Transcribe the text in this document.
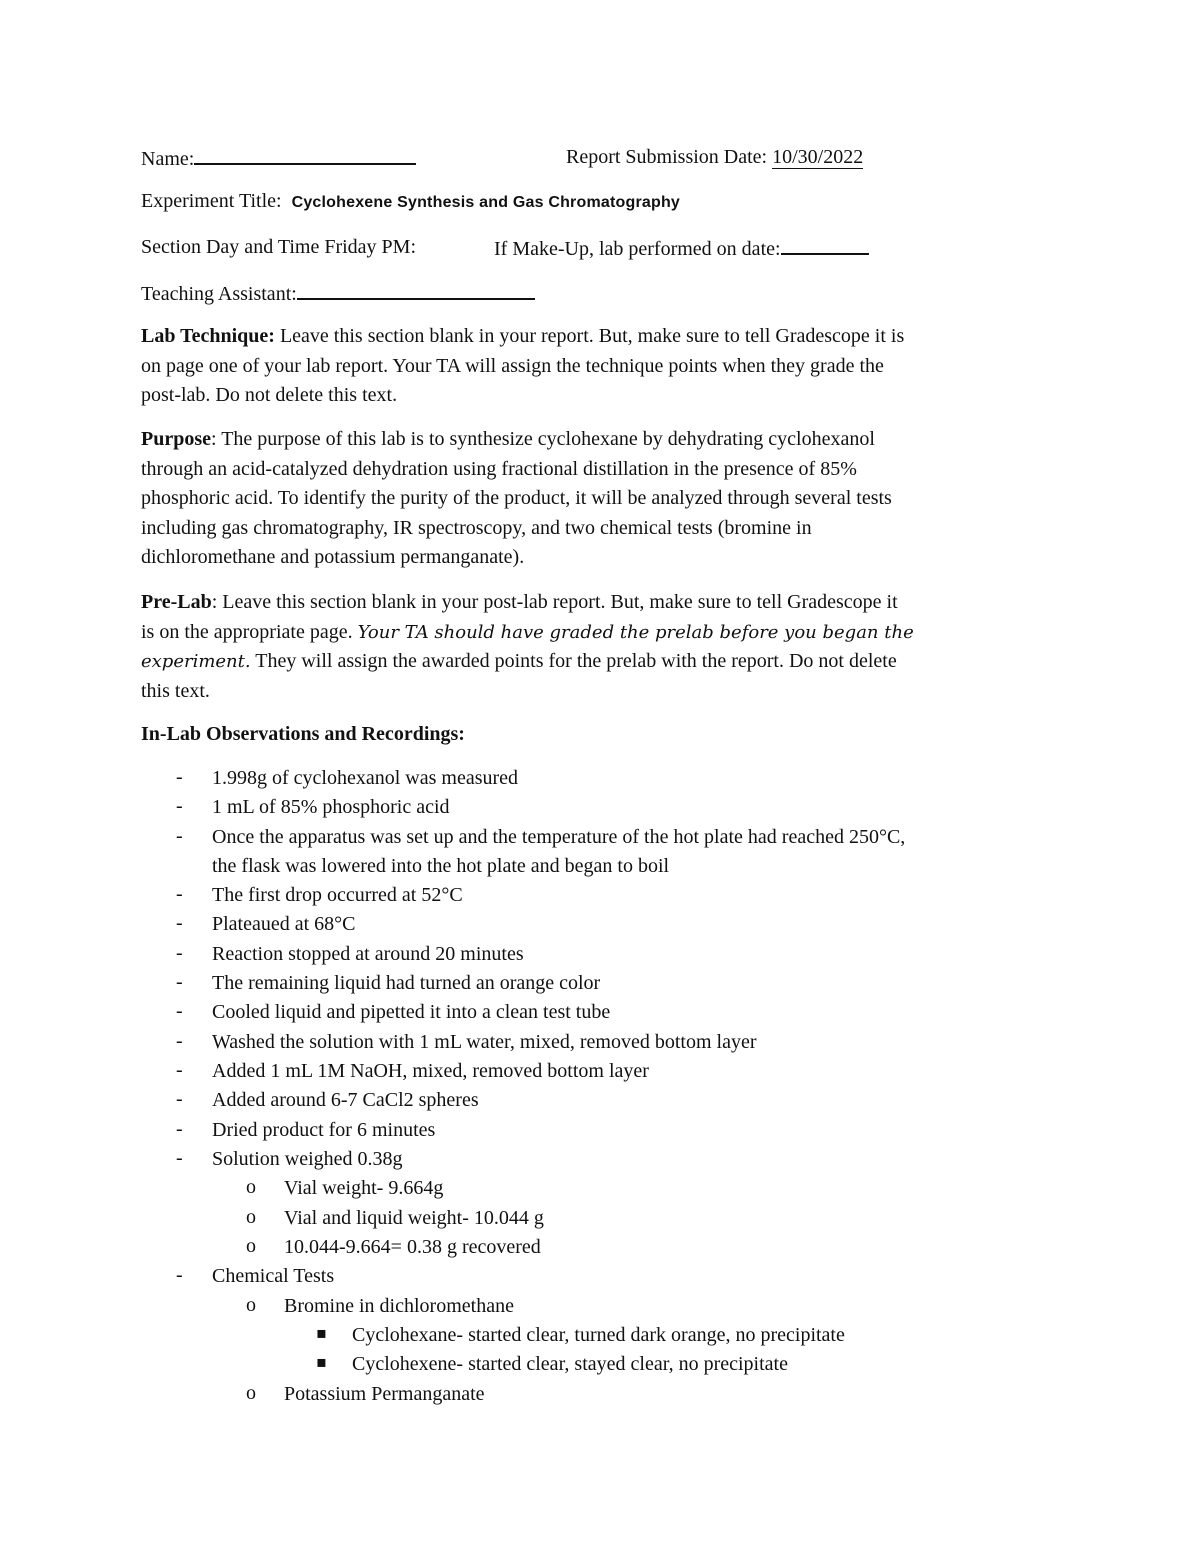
Name:	Report Submission Date: 10/30/2022
Experiment Title: Cyclohexene Synthesis and Gas Chromatography
Section Day and Time Friday PM:	If Make-Up, lab performed on date:
Teaching Assistant:

Lab Technique: Leave this section blank in your report. But, make sure to tell Gradescope it is

on page one of your lab report. Your TA will assign the technique points when they grade the

post-lab. Do not delete this text.

Purpose: The purpose of this lab is to synthesize cyclohexane by dehydrating cyclohexanol

through an acid-catalyzed dehydration using fractional distillation in the presence of 85%

phosphoric acid. To identify the purity of the product, it will be analyzed through several tests

including gas chromatography, IR spectroscopy, and two chemical tests (bromine in

dichloromethane and potassium permanganate).

Pre-Lab: Leave this section blank in your post-lab report. But, make sure to tell Gradescope it

is on the appropriate page. Your TA should have graded the prelab before you began the

experiment. They will assign the awarded points for the prelab with the report. Do not delete

this text.

In-Lab Observations and Recordings:
- 1.998g of cyclohexanol was measured
- 1 mL of 85% phosphoric acid
- Once the apparatus was set up and the temperature of the hot plate had reached 250°C,
the flask was lowered into the hot plate and began to boil
- The first drop occurred at 52°C
- Plateaued at 68°C
- Reaction stopped at around 20 minutes
- The remaining liquid had turned an orange color
- Cooled liquid and pipetted it into a clean test tube
- Washed the solution with 1 mL water, mixed, removed bottom layer
- Added 1 mL 1M NaOH, mixed, removed bottom layer
- Added around 6-7 CaCl2 spheres
- Dried product for 6 minutes
- Solution weighed 0.38g
o Vial weight- 9.664g
o Vial and liquid weight- 10.044 g
o 10.044-9.664= 0.38 g recovered
- Chemical Tests
o Bromine in dichloromethane
▪ Cyclohexane- started clear, turned dark orange, no precipitate
▪ Cyclohexene- started clear, stayed clear, no precipitate
o Potassium Permanganate
